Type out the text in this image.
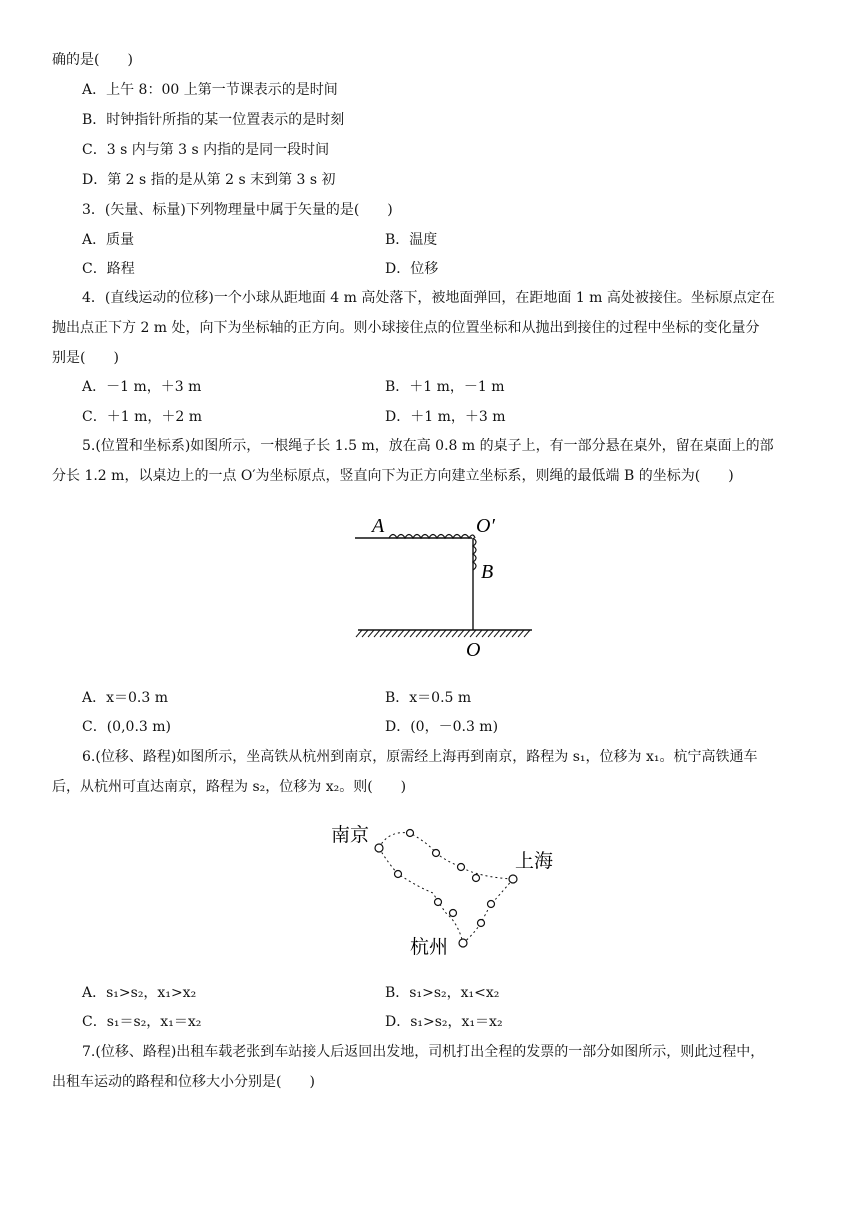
确的是(　　)
A．上午 8：00 上第一节课表示的是时间
B．时钟指针所指的某一位置表示的是时刻
C．3 s 内与第 3 s 内指的是同一段时间
D．第 2 s 指的是从第 2 s 末到第 3 s 初
3．(矢量、标量)下列物理量中属于矢量的是(　　)
A．质量	B．温度
C．路程	D．位移
4．(直线运动的位移)一个小球从距地面 4 m 高处落下，被地面弹回，在距地面 1 m 高处被接住。坐标原点定在
抛出点正下方 2 m 处，向下为坐标轴的正方向。则小球接住点的位置坐标和从抛出到接住的过程中坐标的变化量分
别是(　　)
A．－1 m，＋3 m	B．＋1 m，－1 m
C．＋1 m，＋2 m	D．＋1 m，＋3 m
5.(位置和坐标系)如图所示，一根绳子长 1.5 m，放在高 0.8 m 的桌子上，有一部分悬在桌外，留在桌面上的部
分长 1.2 m，以桌边上的一点 O′为坐标原点，竖直向下为正方向建立坐标系，则绳的最低端 B 的坐标为(　　)
A	O′
B
O
A．x＝0.3 m	B．x＝0.5 m
C．(0,0.3 m)	D．(0，－0.3 m)
6.(位移、路程)如图所示，坐高铁从杭州到南京，原需经上海再到南京，路程为 s₁，位移为 x₁。杭宁高铁通车
后，从杭州可直达南京，路程为 s₂，位移为 x₂。则(　　)
南京
上海
杭州
A．s₁>s₂，x₁>x₂	B．s₁>s₂，x₁<x₂
C．s₁＝s₂，x₁＝x₂	D．s₁>s₂，x₁＝x₂
7.(位移、路程)出租车载老张到车站接人后返回出发地，司机打出全程的发票的一部分如图所示，则此过程中，
出租车运动的路程和位移大小分别是(　　)
